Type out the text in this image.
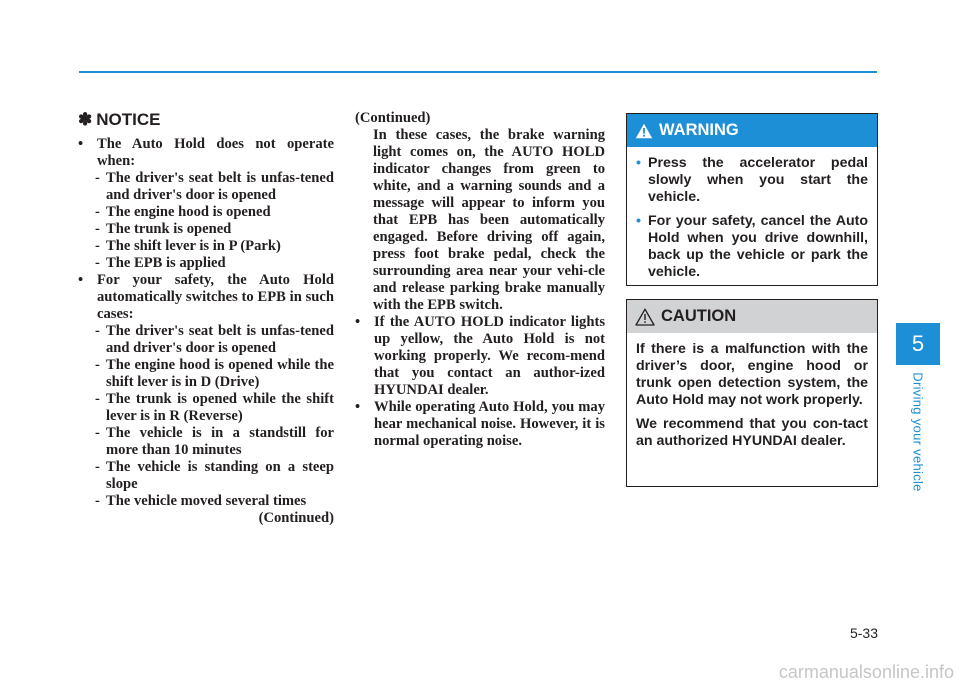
✽ NOTICE
• The Auto Hold does not operate when:
- The driver's seat belt is unfas-tened and driver's door is opened
- The engine hood is opened
- The trunk is opened
- The shift lever is in P (Park)
- The EPB is applied
• For your safety, the Auto Hold automatically switches to EPB in such cases:
- The driver's seat belt is unfas-tened and driver's door is opened
- The engine hood is opened while the shift lever is in D (Drive)
- The trunk is opened while the shift lever is in R (Reverse)
- The vehicle is in a standstill for more than 10 minutes
- The vehicle is standing on a steep slope
- The vehicle moved several times
(Continued)
(Continued)
In these cases, the brake warning light comes on, the AUTO HOLD indicator changes from green to white, and a warning sounds and a message will appear to inform you that EPB has been automatically engaged. Before driving off again, press foot brake pedal, check the surrounding area near your vehi-cle and release parking brake manually with the EPB switch.
• If the AUTO HOLD indicator lights up yellow, the Auto Hold is not working properly. We recom-mend that you contact an author-ized HYUNDAI dealer.
• While operating Auto Hold, you may hear mechanical noise. However, it is normal operating noise.
WARNING
• Press the accelerator pedal slowly when you start the vehicle.
• For your safety, cancel the Auto Hold when you drive downhill, back up the vehicle or park the vehicle.
CAUTION
If there is a malfunction with the driver’s door, engine hood or trunk open detection system, the Auto Hold may not work properly.
We recommend that you con-tact an authorized HYUNDAI dealer.
5
Driving your vehicle
5-33
carmanualsonline.info
